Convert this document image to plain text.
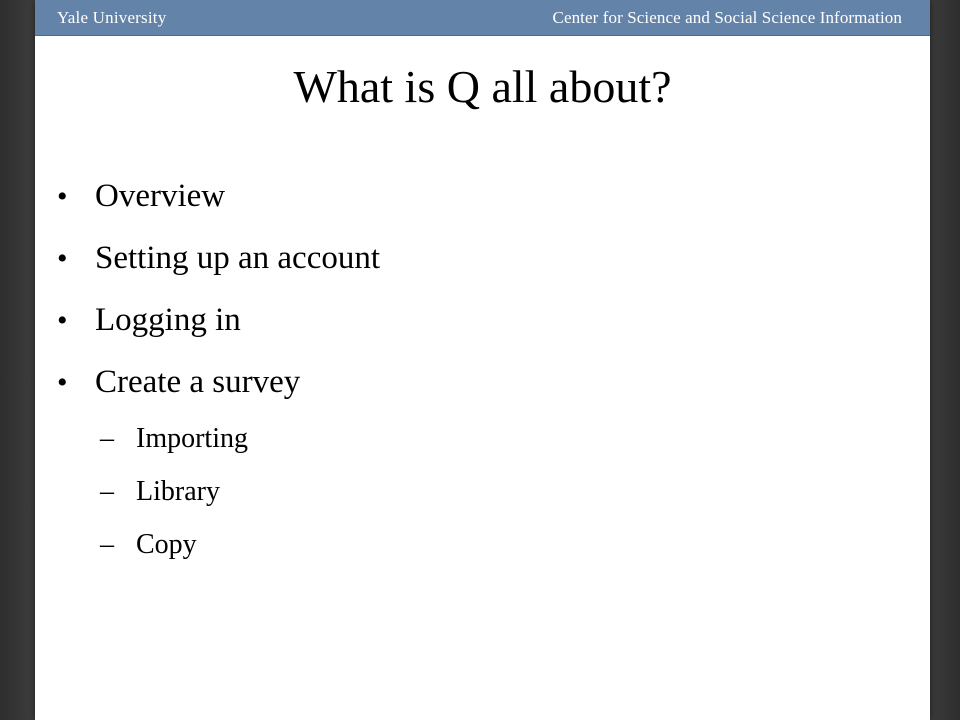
Yale University	Center for Science and Social Science Information
What is Q all about?
• Overview
• Setting up an account
• Logging in
• Create a survey
– Importing
– Library
– Copy
